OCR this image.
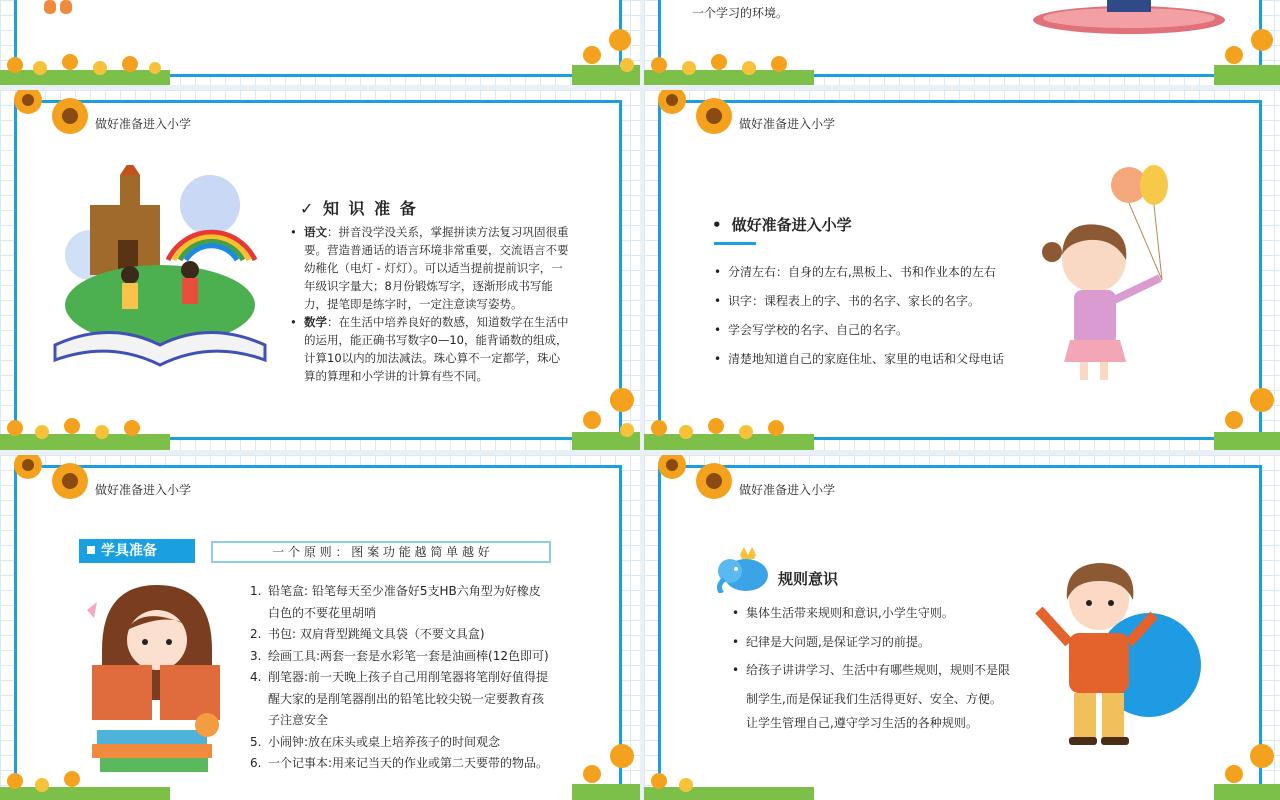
一个学习的环境。
做好准备进入小学
✓ 知 识 准 备
• 语文：拼音没学没关系，掌握拼读方法复习巩固很重要。营造普通话的语言环境非常重要，交流语言不要幼稚化（电灯 - 灯灯）。可以适当提前提前识字，一年级识字量大；8月份锻炼写字，逐渐形成书写能力，提笔即是练字时，一定注意读写姿势。
• 数学：在生活中培养良好的数感，知道数学在生活中的运用，能正确书写数字0—10，能背诵数的组成，计算10以内的加法减法。珠心算不一定都学，珠心算的算理和小学讲的计算有些不同。
做好准备进入小学
• 做好准备进入小学
• 分清左右：自身的左右,黑板上、书和作业本的左右
• 识字：课程表上的字、书的名字、家长的名字。
• 学会写学校的名字、自己的名字。
• 清楚地知道自己的家庭住址、家里的电话和父母电话
做好准备进入小学
学具准备	一 个 原 则 ： 图 案 功 能 越 简 单 越 好
1. 铅笔盒: 铅笔每天至少准备好5支HB六角型为好橡皮白色的不要花里胡哨
2. 书包: 双肩背型跳绳文具袋（不要文具盒)
3. 绘画工具:两套一套是水彩笔一套是油画棒(12色即可)
4. 削笔器:前一天晚上孩子自己用削笔器将笔削好值得提醒大家的是削笔器削出的铅笔比较尖锐一定要教育孩子注意安全
5. 小闹钟:放在床头或桌上培养孩子的时间观念
6. 一个记事本:用来记当天的作业或第二天要带的物品。
做好准备进入小学
规则意识
• 集体生活带来规则和意识,小学生守则。
• 纪律是大问题,是保证学习的前提。
• 给孩子讲讲学习、生活中有哪些规则，规则不是限制学生,而是保证我们生活得更好、安全、方便。
让学生管理自己,遵守学习生活的各种规则。
